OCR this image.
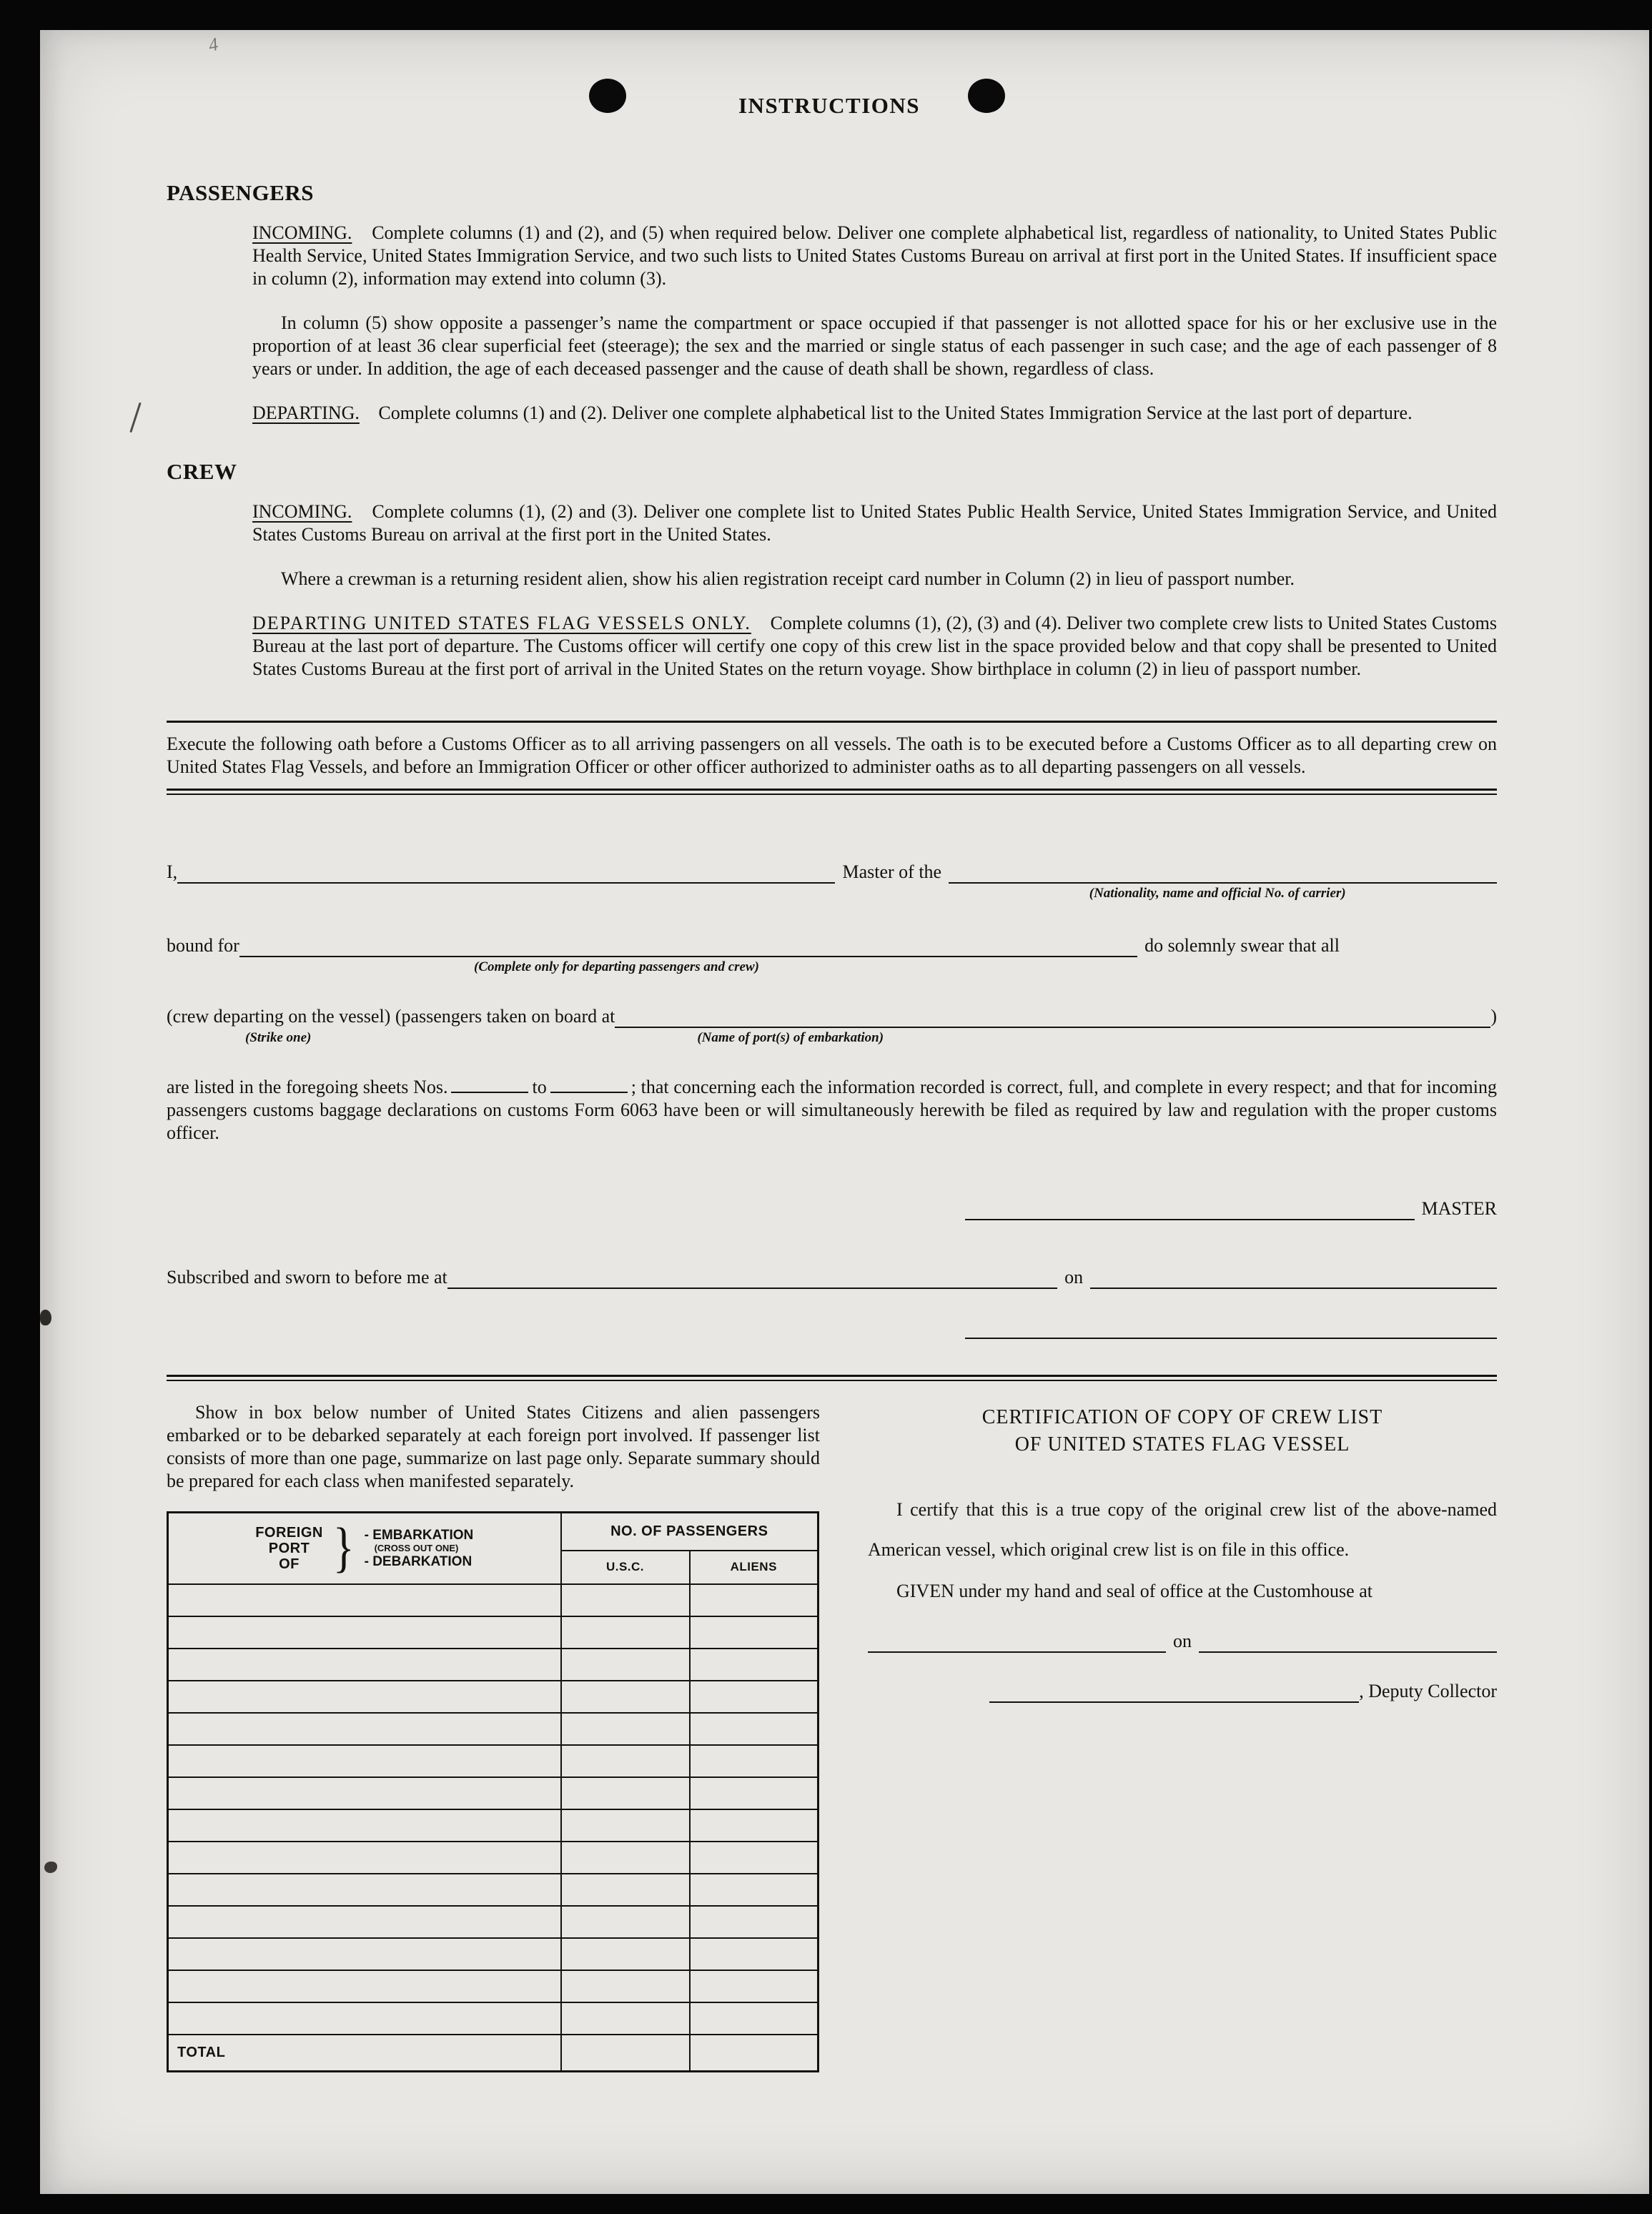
4
INSTRUCTIONS
PASSENGERS

INCOMING. Complete columns (1) and (2), and (5) when required below. Deliver one complete alphabetical list, regardless of nationality, to United States Public Health Service, United States Immigration Service, and two such lists to United States Customs Bureau on arrival at first port in the United States. If insufficient space in column (2), information may extend into column (3).

In column (5) show opposite a passenger’s name the compartment or space occupied if that passenger is not allotted space for his or her exclusive use in the proportion of at least 36 clear superficial feet (steerage); the sex and the married or single status of each passenger in such case; and the age of each passenger of 8 years or under. In addition, the age of each deceased passenger and the cause of death shall be shown, regardless of class.

DEPARTING. Complete columns (1) and (2). Deliver one complete alphabetical list to the United States Immigration Service at the last port of departure.

CREW

INCOMING. Complete columns (1), (2) and (3). Deliver one complete list to United States Public Health Service, United States Immigration Service, and United States Customs Bureau on arrival at the first port in the United States.

Where a crewman is a returning resident alien, show his alien registration receipt card number in Column (2) in lieu of passport number.

DEPARTING UNITED STATES FLAG VESSELS ONLY. Complete columns (1), (2), (3) and (4). Deliver two complete crew lists to United States Customs Bureau at the last port of departure. The Customs officer will certify one copy of this crew list in the space provided below and that copy shall be presented to United States Customs Bureau at the first port of arrival in the United States on the return voyage. Show birthplace in column (2) in lieu of passport number.

Execute the following oath before a Customs Officer as to all arriving passengers on all vessels. The oath is to be executed before a Customs Officer as to all departing crew on United States Flag Vessels, and before an Immigration Officer or other officer authorized to administer oaths as to all departing passengers on all vessels.

I,	Master of the
(Nationality, name and official No. of carrier)
bound for	do solemnly swear that all
(Complete only for departing passengers and crew)
(crew departing on the vessel) (passengers taken on board at	)
(Strike one)	(Name of port(s) of embarkation)

are listed in the foregoing sheets Nos.	to	; that concerning each the information recorded is correct, full, and complete in every respect; and that for incoming passengers customs baggage declarations on customs Form 6063 have been or will simultaneously herewith be filed as required by law and regulation with the proper customs officer.

MASTER
Subscribed and sworn to before me at	on

Show in box below number of United States Citizens and alien passengers embarked or to be debarked separately at each foreign port involved. If passenger list consists of more than one page, summarize on last page only. Separate summary should be prepared for each class when manifested separately.

FOREIGN
PORT
OF } - EMBARKATION
(CROSS OUT ONE)
- DEBARKATION
	NO. OF PASSENGERS
	U.S.C.	ALIENS

TOTAL		
CERTIFICATION OF COPY OF CREW LIST
OF UNITED STATES FLAG VESSEL

I certify that this is a true copy of the original crew list of the above-named American vessel, which original crew list is on file in this office.

GIVEN under my hand and seal of office at the Customhouse at

on
, Deputy Collector
